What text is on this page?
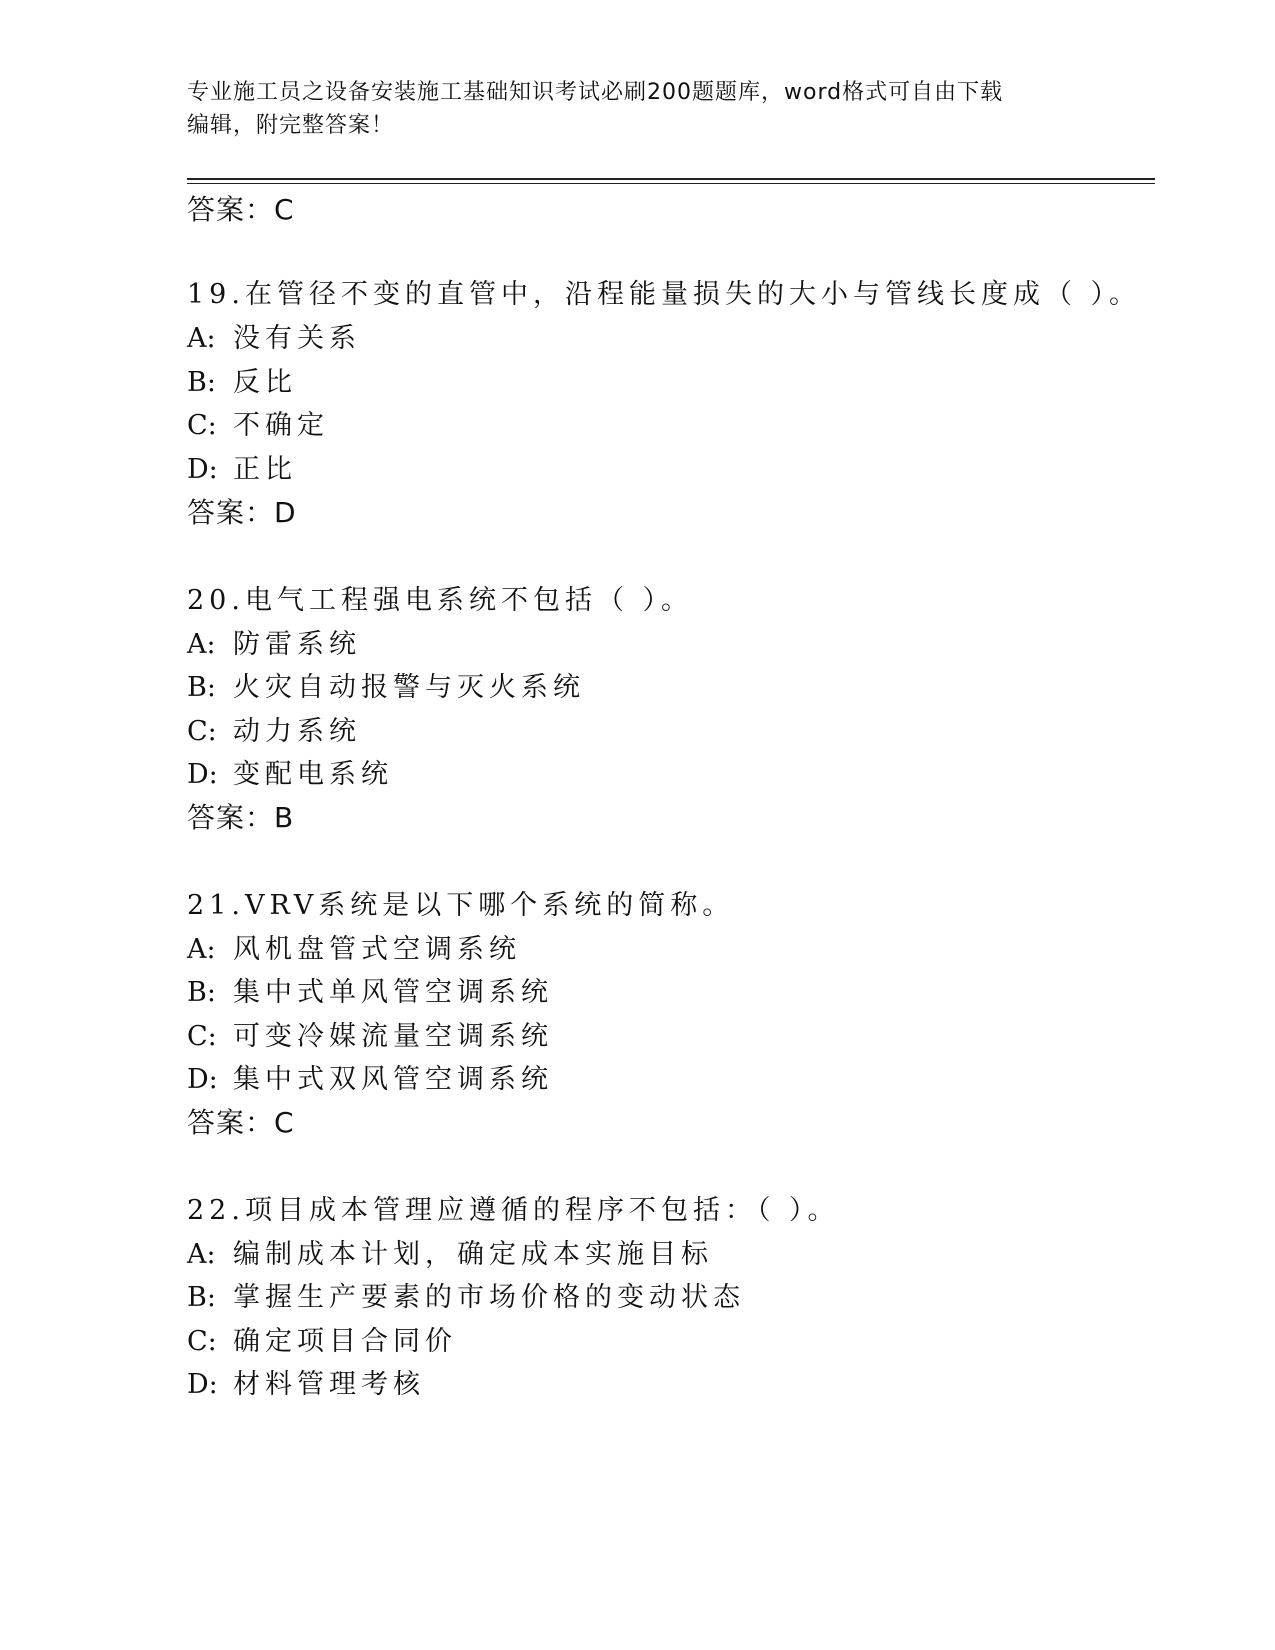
专业施工员之设备安装施工基础知识考试必刷200题题库，word格式可自由下载
编辑，附完整答案！
答案：C
19.在管径不变的直管中，沿程能量损失的大小与管线长度成（ ）。
A: 没有关系
B: 反比
C: 不确定
D: 正比
答案：D
20.电气工程强电系统不包括（ ）。
A: 防雷系统
B: 火灾自动报警与灭火系统
C: 动力系统
D: 变配电系统
答案：B
21.VRV系统是以下哪个系统的简称。
A: 风机盘管式空调系统
B: 集中式单风管空调系统
C: 可变冷媒流量空调系统
D: 集中式双风管空调系统
答案：C
22.项目成本管理应遵循的程序不包括：（ ）。
A: 编制成本计划，确定成本实施目标
B: 掌握生产要素的市场价格的变动状态
C: 确定项目合同价
D: 材料管理考核
